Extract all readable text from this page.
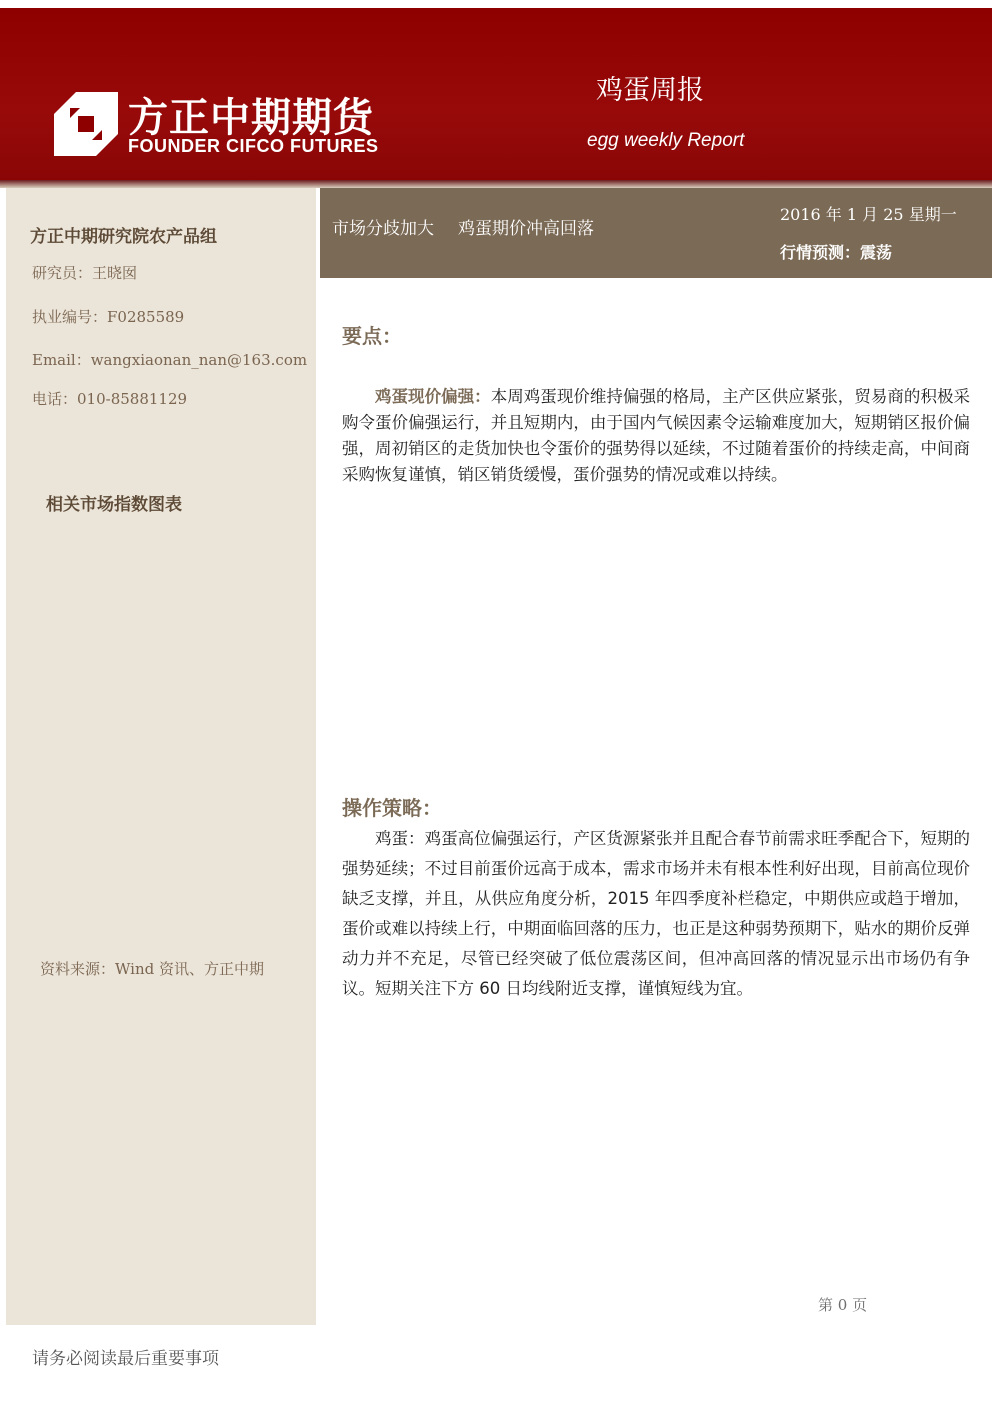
方正中期期货
FOUNDER CIFCO FUTURES
鸡蛋周报
egg weekly Report
方正中期研究院农产品组
研究员：王晓囡
执业编号：F0285589
Email：wangxiaonan_nan@163.com
电话：010-85881129
相关市场指数图表
资料来源：Wind 资讯、方正中期
市场分歧加大 鸡蛋期价冲高回落
2016 年 1 月 25 星期一
行情预测：震荡
要点：
鸡蛋现价偏强：本周鸡蛋现价维持偏强的格局，主产区供应紧张，贸易商的积极采购令蛋价偏强运行，并且短期内，由于国内气候因素令运输难度加大，短期销区报价偏强，周初销区的走货加快也令蛋价的强势得以延续，不过随着蛋价的持续走高，中间商采购恢复谨慎，销区销货缓慢，蛋价强势的情况或难以持续。
操作策略：
鸡蛋：鸡蛋高位偏强运行，产区货源紧张并且配合春节前需求旺季配合下，短期的强势延续；不过目前蛋价远高于成本，需求市场并未有根本性利好出现，目前高位现价缺乏支撑，并且，从供应角度分析，2015 年四季度补栏稳定，中期供应或趋于增加，蛋价或难以持续上行，中期面临回落的压力，也正是这种弱势预期下，贴水的期价反弹动力并不充足，尽管已经突破了低位震荡区间，但冲高回落的情况显示出市场仍有争议。短期关注下方 60 日均线附近支撑，谨慎短线为宜。
第 0 页
请务必阅读最后重要事项
